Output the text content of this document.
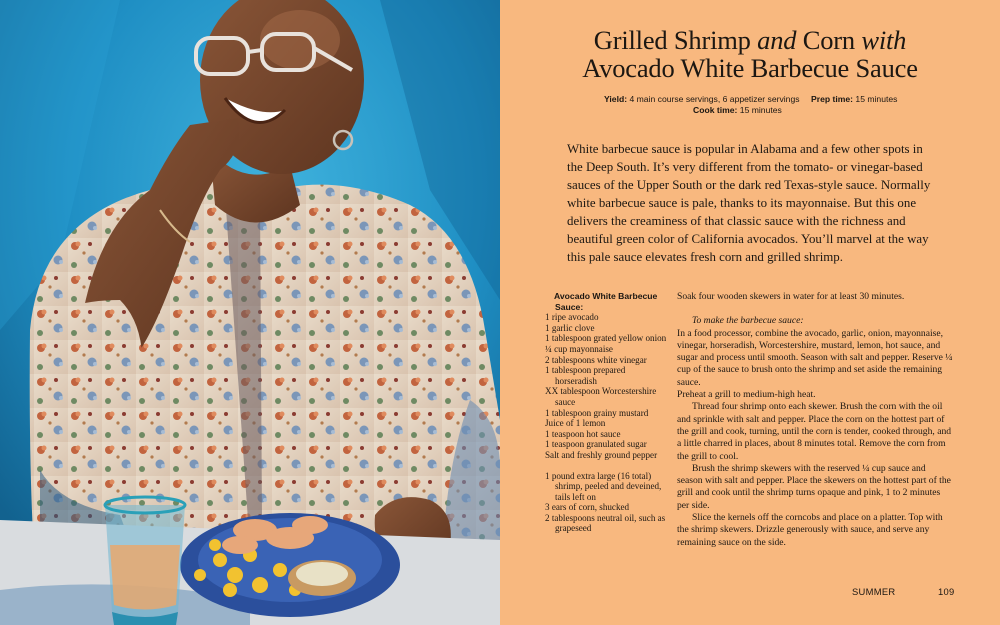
Grilled Shrimp and Corn with
Avocado White Barbecue Sauce
Yield: 4 main course servings, 6 appetizer servings Prep time: 15 minutes
Cook time: 15 minutes

White barbecue sauce is popular in Alabama and a few other spots in the Deep South. It’s very different from the tomato- or vinegar-based sauces of the Upper South or the dark red Texas-style sauce. Normally white barbecue sauce is pale, thanks to its mayonnaise. But this one delivers the creaminess of that classic sauce with the richness and beautiful green color of California avocados. You’ll marvel at the way this pale sauce elevates fresh corn and grilled shrimp.

Avocado White Barbecue Sauce:
1 ripe avocado
1 garlic clove
1 tablespoon grated yellow onion
¼ cup mayonnaise
2 tablespoons white vinegar
1 tablespoon prepared horseradish
XX tablespoon Worcestershire sauce
1 tablespoon grainy mustard
Juice of 1 lemon
1 teaspoon hot sauce
1 teaspoon granulated sugar
Salt and freshly ground pepper
1 pound extra large (16 total) shrimp, peeled and deveined, tails left on
3 ears of corn, shucked
2 tablespoons neutral oil, such as grapeseed

Soak four wooden skewers in water for at least 30 minutes.

To make the barbecue sauce:

In a food processor, combine the avocado, garlic, onion, mayonnaise, vinegar, horseradish, Worcestershire, mustard, lemon, hot sauce, and sugar and process until smooth. Season with salt and pepper. Reserve ¼ cup of the sauce to brush onto the shrimp and set aside the remaining sauce.

Preheat a grill to medium-high heat.

Thread four shrimp onto each skewer. Brush the corn with the oil and sprinkle with salt and pepper. Place the corn on the hottest part of the grill and cook, turning, until the corn is tender, cooked through, and a little charred in places, about 8 minutes total. Remove the corn from the grill to cool.

Brush the shrimp skewers with the reserved ¼ cup sauce and season with salt and pepper. Place the skewers on the hottest part of the grill and cook until the shrimp turns opaque and pink, 1 to 2 minutes per side.

Slice the kernels off the corncobs and place on a platter. Top with the shrimp skewers. Drizzle generously with sauce, and serve any remaining sauce on the side.

SUMMER	109
